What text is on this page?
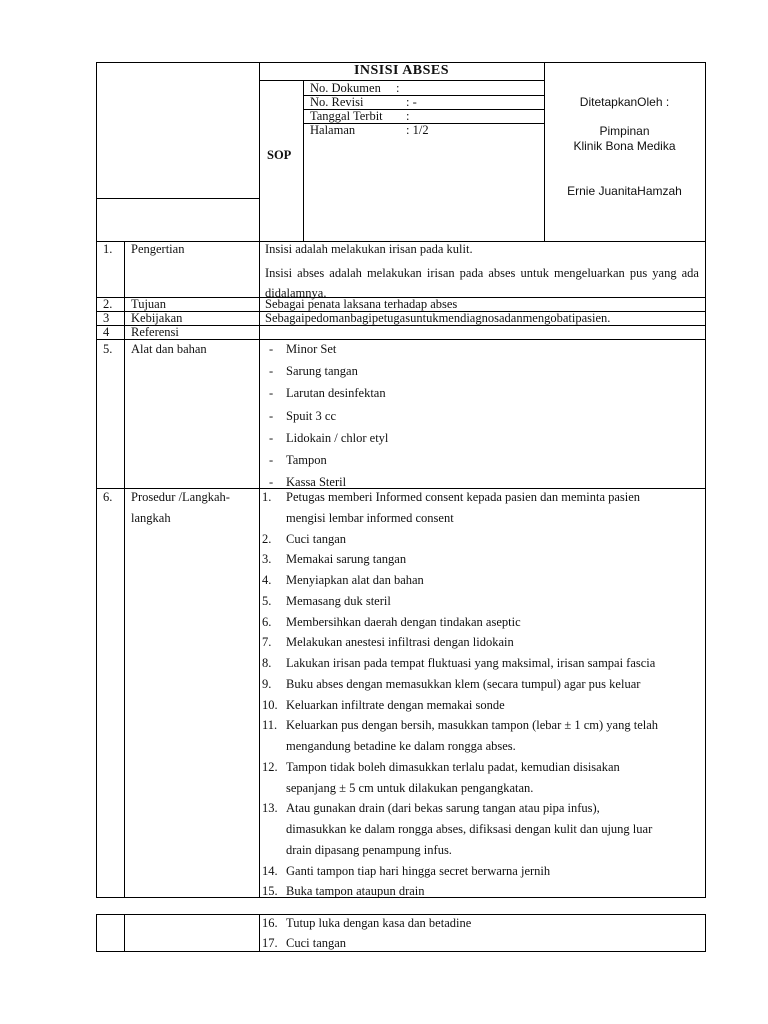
INSISI ABSES
SOP
No. Dokumen :
No. Revisi	: -
Tanggal Terbit :
Halaman	: 1/2
DitetapkanOleh :
Pimpinan
Klinik Bona Medika
Ernie JuanitaHamzah
1. Pengertian	Insisi adalah melakukan irisan pada kulit.
Insisi abses adalah melakukan irisan pada abses untuk mengeluarkan pus yang ada didalamnya.
2. Tujuan	Sebagai penata laksana terhadap abses
3 Kebijakan	Sebagaipedomanbagipetugasuntukmendiagnosadanmengobatipasien.
4 Referensi
5. Alat dan bahan	- Minor Set
- Sarung tangan
- Larutan desinfektan
- Spuit 3 cc
- Lidokain / chlor etyl
- Tampon
- Kassa Steril
6. Prosedur /Langkah-
langkah
1. Petugas memberi Informed consent kepada pasien dan meminta pasien
mengisi lembar informed consent
2. Cuci tangan
3. Memakai sarung tangan
4. Menyiapkan alat dan bahan
5. Memasang duk steril
6. Membersihkan daerah dengan tindakan aseptic
7. Melakukan anestesi infiltrasi dengan lidokain
8. Lakukan irisan pada tempat fluktuasi yang maksimal, irisan sampai fascia
9. Buku abses dengan memasukkan klem (secara tumpul) agar pus keluar
10. Keluarkan infiltrate dengan memakai sonde
11. Keluarkan pus dengan bersih, masukkan tampon (lebar ± 1 cm) yang telah
mengandung betadine ke dalam rongga abses.
12. Tampon tidak boleh dimasukkan terlalu padat, kemudian disisakan
sepanjang ± 5 cm untuk dilakukan pengangkatan.
13. Atau gunakan drain (dari bekas sarung tangan atau pipa infus),
dimasukkan ke dalam rongga abses, difiksasi dengan kulit dan ujung luar
drain dipasang penampung infus.
14. Ganti tampon tiap hari hingga secret berwarna jernih
15. Buka tampon ataupun drain
16. Tutup luka dengan kasa dan betadine
17. Cuci tangan
